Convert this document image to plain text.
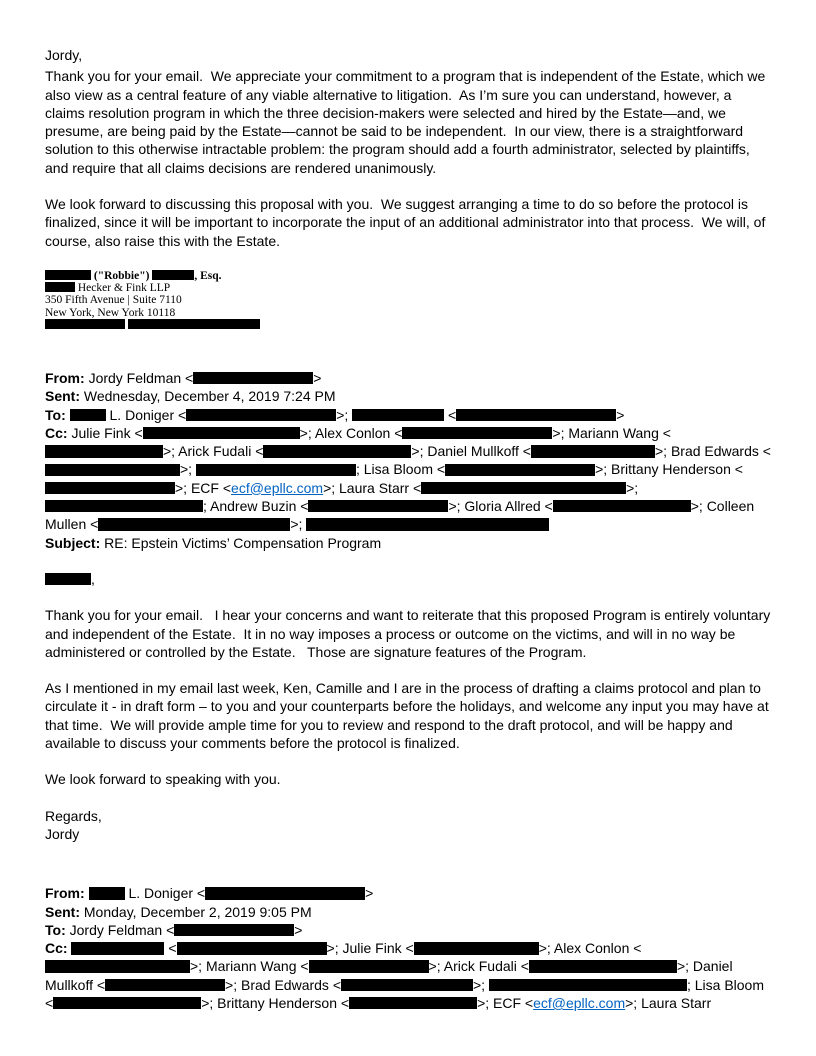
Jordy,

Thank you for your email.  We appreciate your commitment to a program that is independent of the Estate, which we also view as a central feature of any viable alternative to litigation.  As I’m sure you can understand, however, a claims resolution program in which the three decision-makers were selected and hired by the Estate—and, we presume, are being paid by the Estate—cannot be said to be independent.  In our view, there is a straightforward solution to this otherwise intractable problem: the program should add a fourth administrator, selected by plaintiffs, and require that all claims decisions are rendered unanimously.

We look forward to discussing this proposal with you.  We suggest arranging a time to do so before the protocol is finalized, since it will be important to incorporate the input of an additional administrator into that process.  We will, of course, also raise this with the Estate.

("Robbie")	, Esq.
Hecker & Fink LLP
350 Fifth Avenue | Suite 7110
New York, New York 10118

From: Jordy Feldman <	>
Sent: Wednesday, December 4, 2019 7:24 PM
To:	L. Doniger <	>;	<	>
Cc: Julie Fink <	>; Alex Conlon <	>; Mariann Wang <>; Arick Fudali <	>; Daniel Mullkoff <	>; Brad Edwards <>;	; Lisa Bloom <	>; Brittany Henderson <>; ECF <ecf@epllc.com>; Laura Starr <	>; ; Andrew Buzin <	>; Gloria Allred <	>; Colleen Mullen <	>;
Subject: RE: Epstein Victims’ Compensation Program
,

Thank you for your email.   I hear your concerns and want to reiterate that this proposed Program is entirely voluntary and independent of the Estate.  It in no way imposes a process or outcome on the victims, and will in no way be administered or controlled by the Estate.   Those are signature features of the Program.

As I mentioned in my email last week, Ken, Camille and I are in the process of drafting a claims protocol and plan to circulate it - in draft form – to you and your counterparts before the holidays, and welcome any input you may have at that time.  We will provide ample time for you to review and respond to the draft protocol, and will be happy and available to discuss your comments before the protocol is finalized.

We look forward to speaking with you.

Regards,

Jordy

From:	L. Doniger <	>
Sent: Monday, December 2, 2019 9:05 PM
To: Jordy Feldman <	>
Cc:	<	>; Julie Fink <	>; Alex Conlon <>; Mariann Wang <	>; Arick Fudali <	>; Daniel Mullkoff <	>; Brad Edwards <	>;	; Lisa Bloom <	>; Brittany Henderson <	>; ECF <ecf@epllc.com>; Laura Starr
